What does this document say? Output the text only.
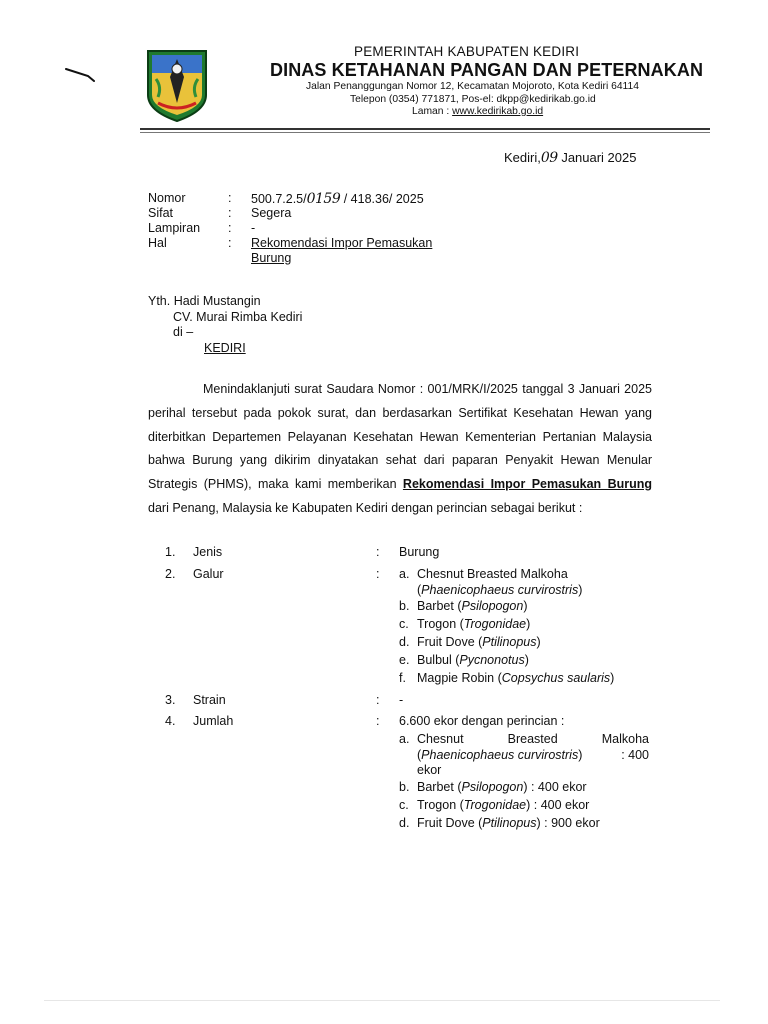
PEMERINTAH KABUPATEN KEDIRI
DINAS KETAHANAN PANGAN DAN PETERNAKAN
Jalan Penanggungan Nomor 12, Kecamatan Mojoroto, Kota Kediri 64114
Telepon (0354) 771871, Pos-el: dkpp@kedirikab.go.id
Laman : www.kedirikab.go.id
Kediri,09 Januari 2025
Nomor	: 500.7.2.5/0159 / 418.36/ 2025
Sifat	: Segera
Lampiran : -
Hal	: Rekomendasi Impor Pemasukan
Burung
Yth. Hadi Mustangin
CV. Murai Rimba Kediri
di –
KEDIRI

Menindaklanjuti surat Saudara Nomor : 001/MRK/I/2025 tanggal 3 Januari 2025 perihal tersebut pada pokok surat, dan berdasarkan Sertifikat Kesehatan Hewan yang diterbitkan Departemen Pelayanan Kesehatan Hewan Kementerian Pertanian Malaysia bahwa Burung yang dikirim dinyatakan sehat dari paparan Penyakit Hewan Menular Strategis (PHMS), maka kami memberikan Rekomendasi Impor Pemasukan Burung dari Penang, Malaysia ke Kabupaten Kediri dengan perincian sebagai berikut :

1. Jenis	: Burung
2. Galur	: a. Chesnut Breasted Malkoha
(Phaenicophaeus curvirostris)
b. Barbet (Psilopogon)
c. Trogon (Trogonidae)
d. Fruit Dove (Ptilinopus)
e. Bulbul (Pycnonotus)
f. Magpie Robin (Copsychus saularis)
3. Strain	: -
4. Jumlah	: 6.600 ekor dengan perincian :
a. Chesnut	Breasted	Malkoha
(Phaenicophaeus curvirostris)	: 400
ekor
b. Barbet (Psilopogon) : 400 ekor
c. Trogon (Trogonidae) : 400 ekor
d. Fruit Dove (Ptilinopus) : 900 ekor
